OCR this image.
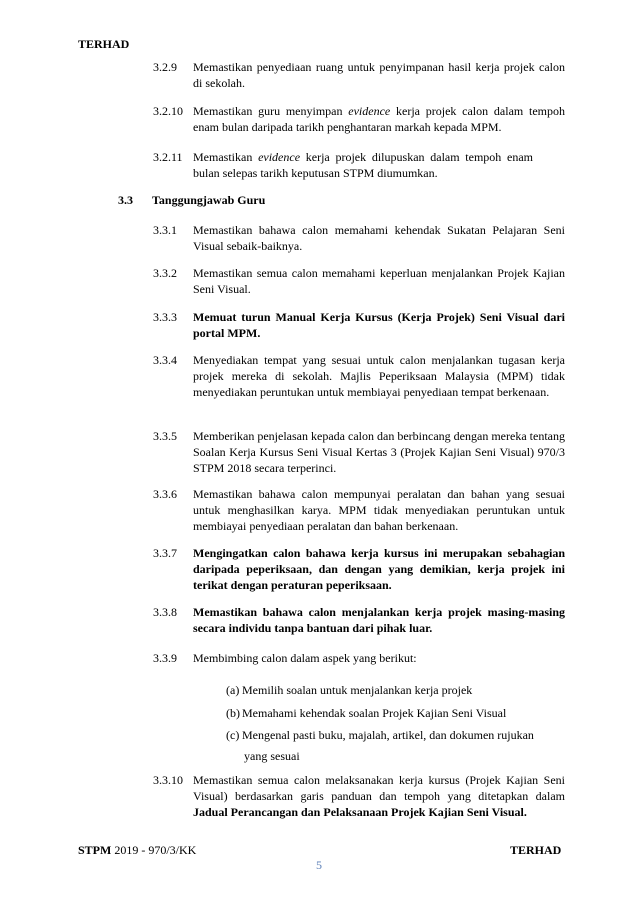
TERHAD
3.2.9 Memastikan penyediaan ruang untuk penyimpanan hasil kerja projek calon di sekolah.
3.2.10 Memastikan guru menyimpan evidence kerja projek calon dalam tempoh enam bulan daripada tarikh penghantaran markah kepada MPM.
3.2.11 Memastikan evidence kerja projek dilupuskan dalam tempoh enam bulan selepas tarikh keputusan STPM diumumkan.
3.3 Tanggungjawab Guru
3.3.1 Memastikan bahawa calon memahami kehendak Sukatan Pelajaran Seni Visual sebaik-baiknya.
3.3.2 Memastikan semua calon memahami keperluan menjalankan Projek Kajian Seni Visual.
3.3.3 Memuat turun Manual Kerja Kursus (Kerja Projek) Seni Visual dari portal MPM.
3.3.4 Menyediakan tempat yang sesuai untuk calon menjalankan tugasan kerja projek mereka di sekolah. Majlis Peperiksaan Malaysia (MPM) tidak menyediakan peruntukan untuk membiayai penyediaan tempat berkenaan.
3.3.5 Memberikan penjelasan kepada calon dan berbincang dengan mereka tentang Soalan Kerja Kursus Seni Visual Kertas 3 (Projek Kajian Seni Visual) 970/3 STPM 2018 secara terperinci.
3.3.6 Memastikan bahawa calon mempunyai peralatan dan bahan yang sesuai untuk menghasilkan karya. MPM tidak menyediakan peruntukan untuk membiayai penyediaan peralatan dan bahan berkenaan.
3.3.7 Mengingatkan calon bahawa kerja kursus ini merupakan sebahagian daripada peperiksaan, dan dengan yang demikian, kerja projek ini terikat dengan peraturan peperiksaan.
3.3.8 Memastikan bahawa calon menjalankan kerja projek masing-masing secara individu tanpa bantuan dari pihak luar.
3.3.9 Membimbing calon dalam aspek yang berikut:
(a) Memilih soalan untuk menjalankan kerja projek
(b) Memahami kehendak soalan Projek Kajian Seni Visual
(c) Mengenal pasti buku, majalah, artikel, dan dokumen rujukan
yang sesuai
3.3.10 Memastikan semua calon melaksanakan kerja kursus (Projek Kajian Seni Visual) berdasarkan garis panduan dan tempoh yang ditetapkan dalam Jadual Perancangan dan Pelaksanaan Projek Kajian Seni Visual.
STPM 2019 - 970/3/KK	TERHAD
5
